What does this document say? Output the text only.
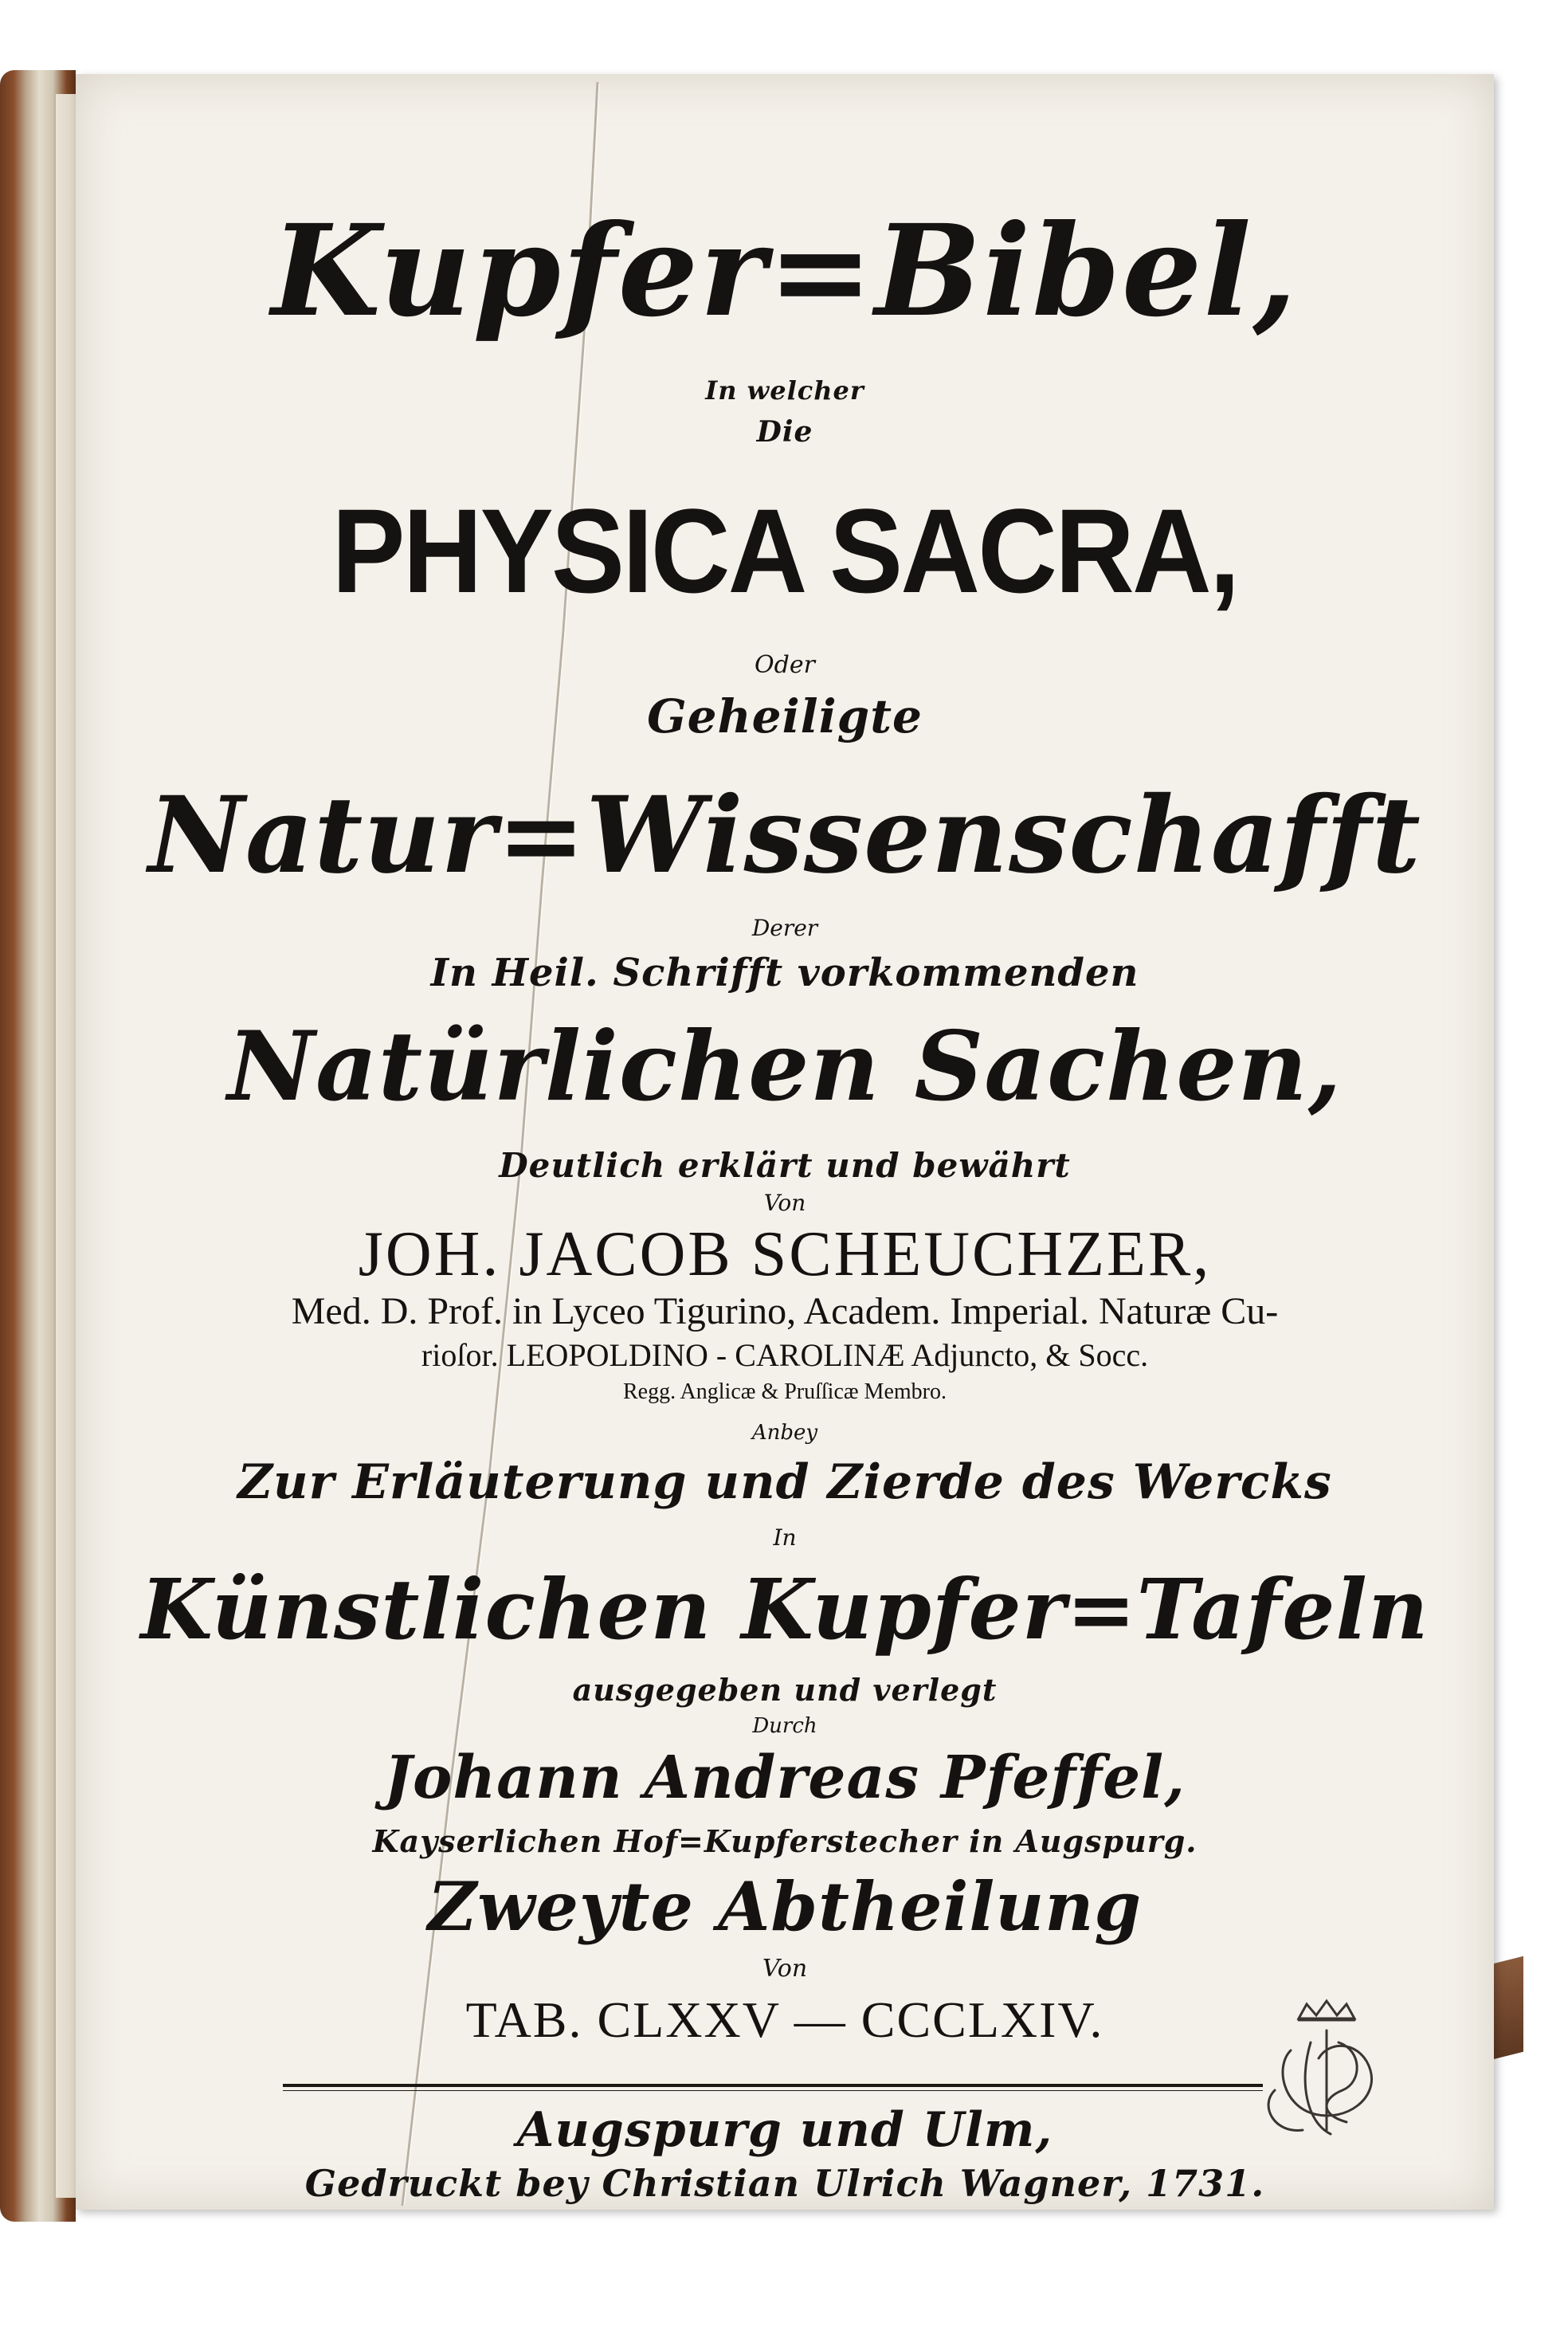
Kupfer=Bibel,
In welcher
Die
PHYSICA SACRA,
Oder
Geheiligte
Natur=Wissenschafft
Derer
In Heil. Schrifft vorkommenden
Natürlichen Sachen,
Deutlich erklärt und bewährt
Von
JOH. JACOB SCHEUCHZER,
Med. D. Prof. in Lyceo Tigurino, Academ. Imperial. Naturæ Cu-
rioſor. LEOPOLDINO - CAROLINÆ Adjuncto, & Socc.
Regg. Anglicæ & Pruſſicæ Membro.
Anbey
Zur Erläuterung und Zierde des Wercks
In
Künstlichen Kupfer=Tafeln
ausgegeben und verlegt
Durch
Johann Andreas Pfeffel,
Kayserlichen Hof=Kupferstecher in Augspurg.
Zweyte Abtheilung
Von
TAB. CLXXV — CCCLXIV.
Augspurg und Ulm,
Gedruckt bey Christian Ulrich Wagner, 1731.
